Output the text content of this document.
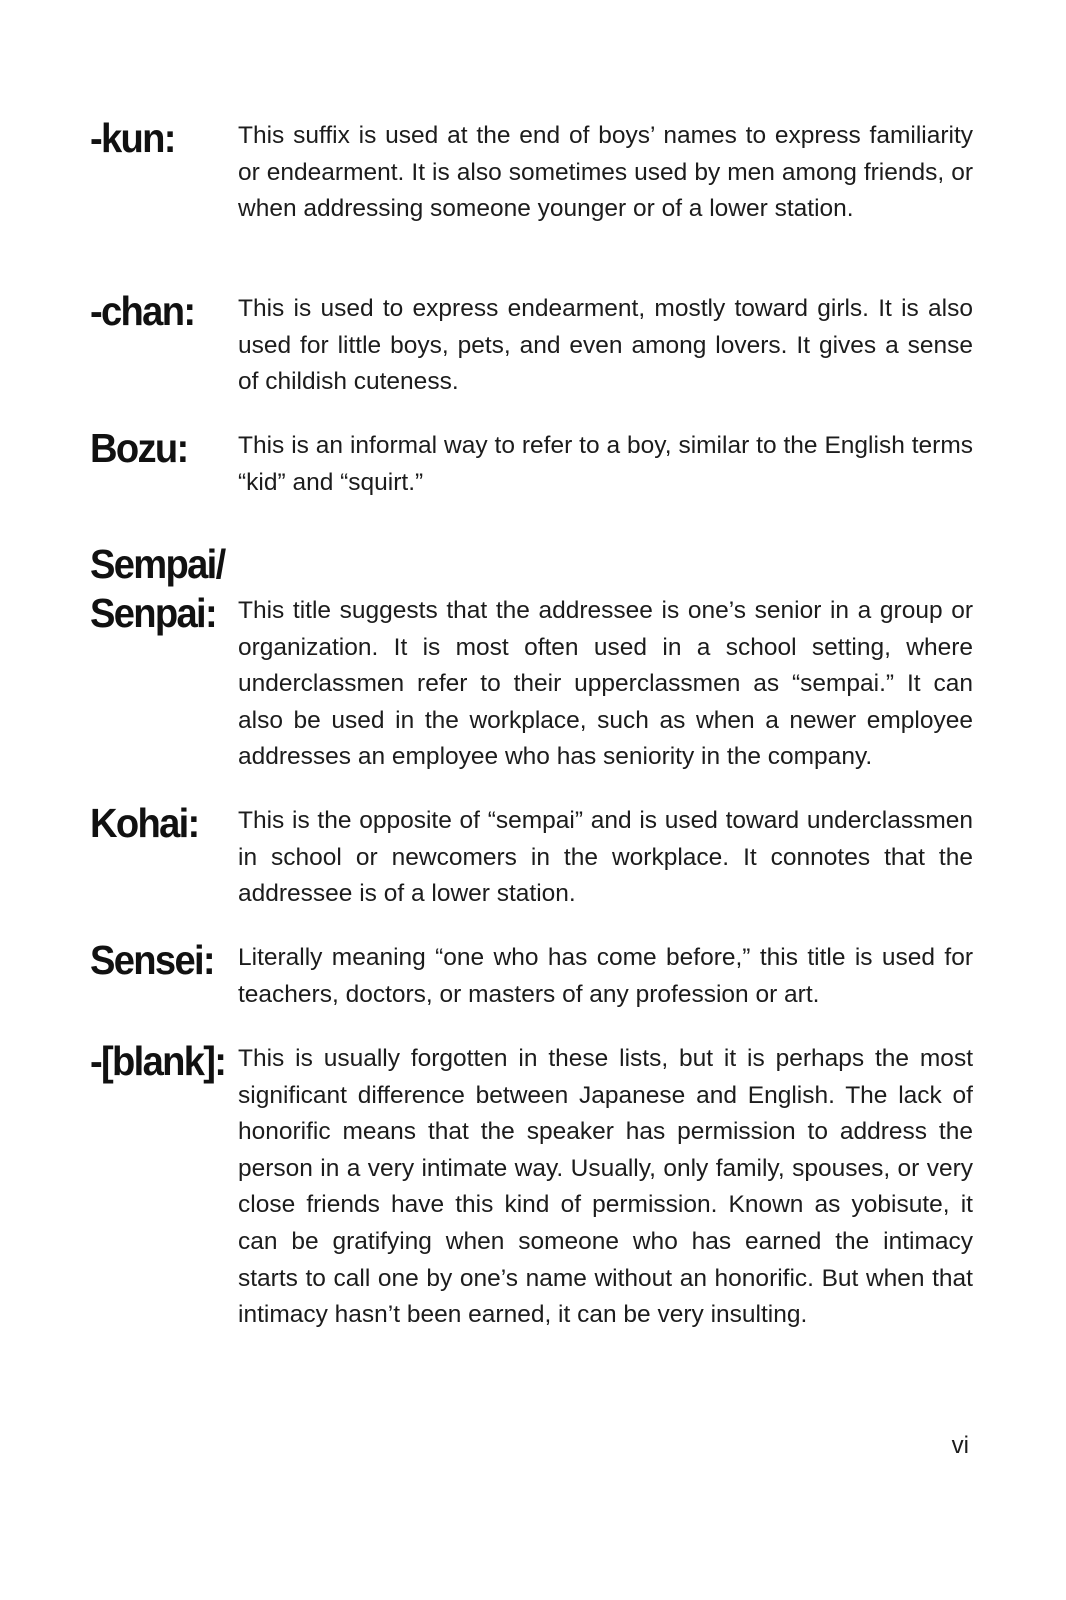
-kun:	This suffix is used at the end of boys’ names to express familiarity or endearment. It is also sometimes used by men among friends, or when addressing someone younger or of a lower station.

-chan: This is used to express endearment, mostly toward girls. It is also used for little boys, pets, and even among lovers. It gives a sense of childish cuteness.

Bozu: This is an informal way to refer to a boy, similar to the English terms “kid” and “squirt.”

Sempai/ Senpai: This title suggests that the addressee is one’s senior in a group or organization. It is most often used in a school setting, where underclassmen refer to their upperclassmen as “sempai.” It can also be used in the workplace, such as when a newer employee addresses an employee who has seniority in the company.

Kohai: This is the opposite of “sempai” and is used toward underclassmen in school or newcomers in the workplace. It connotes that the addressee is of a lower station.

Sensei: Literally meaning “one who has come before,” this title is used for teachers, doctors, or masters of any profession or art.

-[blank]: This is usually forgotten in these lists, but it is perhaps the most significant difference between Japanese and English. The lack of honorific means that the speaker has permission to address the person in a very intimate way. Usually, only family, spouses, or very close friends have this kind of permission. Known as yobisute, it can be gratifying when someone who has earned the intimacy starts to call one by one’s name without an honorific. But when that intimacy hasn’t been earned, it can be very insulting.

vi
